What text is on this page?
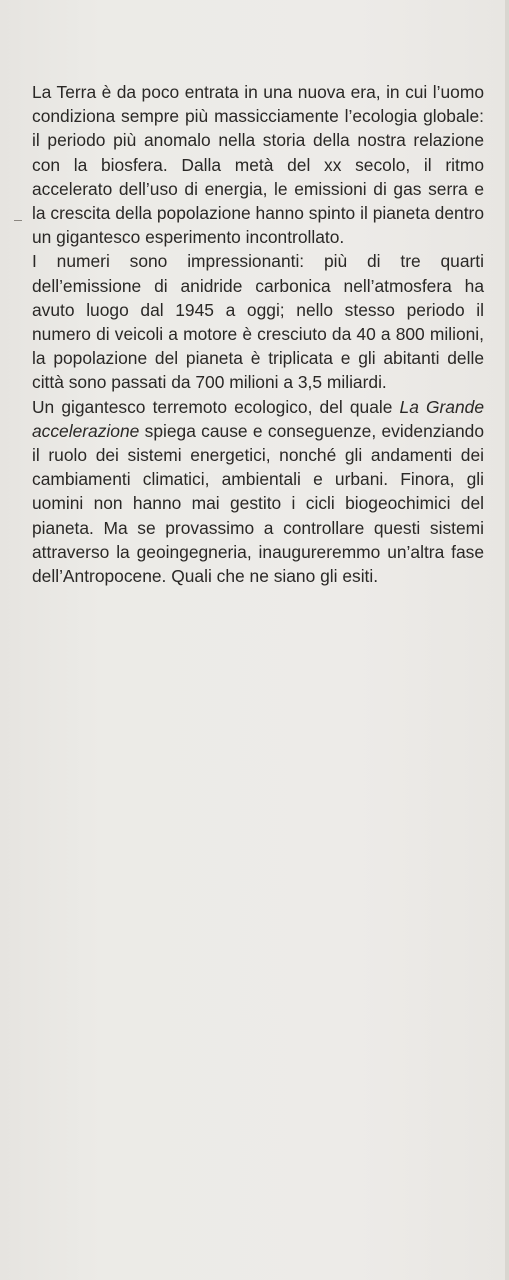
La Terra è da poco entrata in una nuova era, in cui l’uomo condiziona sempre più massicciamente l’ecologia globale: il periodo più anomalo nella storia della nostra relazione con la biosfera. Dalla metà del xx secolo, il ritmo accelerato dell’uso di energia, le emissioni di gas serra e la crescita della popolazione hanno spinto il pianeta dentro un gigantesco esperimento incontrollato.

I numeri sono impressionanti: più di tre quarti dell’emissione di anidride carbonica nell’atmosfera ha avuto luogo dal 1945 a oggi; nello stesso periodo il numero di veicoli a motore è cresciuto da 40 a 800 milioni, la popolazione del pianeta è triplicata e gli abitanti delle città sono passati da 700 milioni a 3,5 miliardi.

Un gigantesco terremoto ecologico, del quale La Grande accelerazione spiega cause e conseguenze, evidenziando il ruolo dei sistemi energetici, nonché gli andamenti dei cambiamenti climatici, ambientali e urbani. Finora, gli uomini non hanno mai gestito i cicli biogeochimici del pianeta. Ma se provassimo a controllare questi sistemi attraverso la geoingegneria, inaugureremmo un’altra fase dell’Antropocene. Quali che ne siano gli esiti.
